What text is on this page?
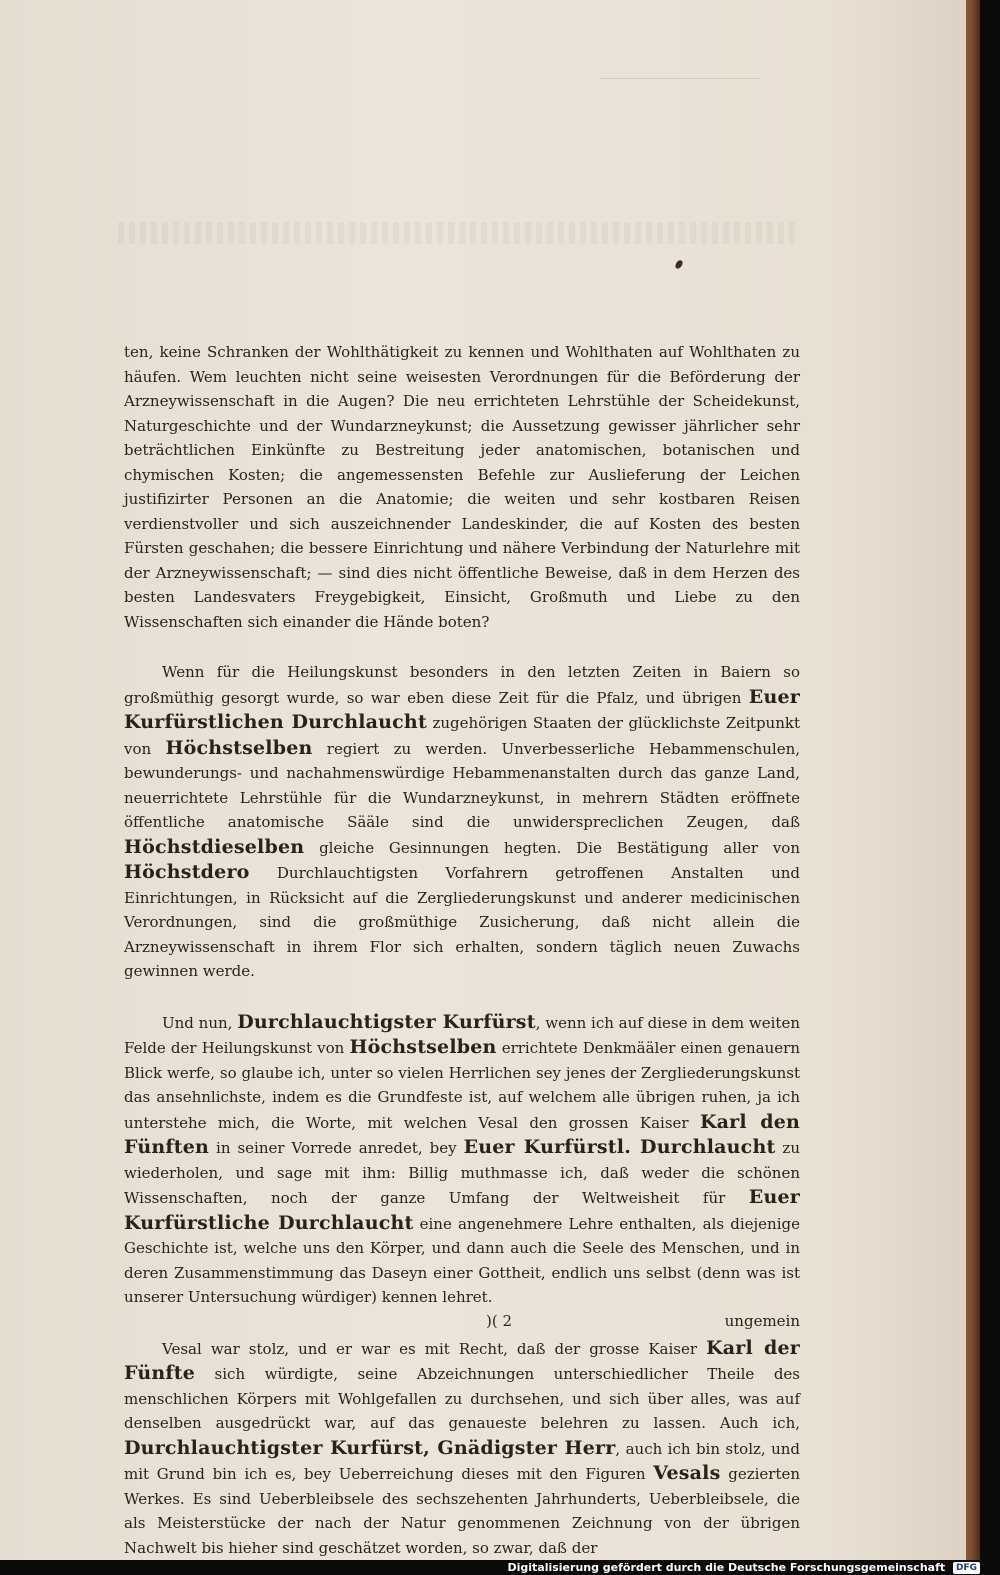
ten, keine Schranken der Wohlthätigkeit zu kennen und Wohlthaten auf Wohlthaten zu häufen. Wem leuchten nicht seine weisesten Verordnungen für die Beförderung der Arzneywissenschaft in die Augen? Die neu errichteten Lehrstühle der Scheidekunst, Naturgeschichte und der Wundarzneykunst; die Aussetzung gewisser jährlicher sehr beträchtlichen Einkünfte zu Bestreitung jeder anatomischen, botanischen und chymischen Kosten; die angemessensten Befehle zur Auslieferung der Leichen justifizirter Personen an die Anatomie; die weiten und sehr kostbaren Reisen verdienstvoller und sich auszeichnender Landeskinder, die auf Kosten des besten Fürsten geschahen; die bessere Einrichtung und nähere Verbindung der Naturlehre mit der Arzneywissenschaft; — sind dies nicht öffentliche Beweise, daß in dem Herzen des besten Landesvaters Freygebigkeit, Einsicht, Großmuth und Liebe zu den Wissenschaften sich einander die Hände boten?

Wenn für die Heilungskunst besonders in den letzten Zeiten in Baiern so großmüthig gesorgt wurde, so war eben diese Zeit für die Pfalz, und übrigen Euer Kurfürstlichen Durchlaucht zugehörigen Staaten der glücklichste Zeitpunkt von Höchstselben regiert zu werden. Unverbesserliche Hebammenschulen, bewunderungs- und nachahmenswürdige Hebammenanstalten durch das ganze Land, neuerrichtete Lehrstühle für die Wundarzneykunst, in mehrern Städten eröffnete öffentliche anatomische Sääle sind die unwiderspreclichen Zeugen, daß Höchstdieselben gleiche Gesinnungen hegten. Die Bestätigung aller von Höchstdero Durchlauchtigsten Vorfahrern getroffenen Anstalten und Einrichtungen, in Rücksicht auf die Zergliederungskunst und anderer medicinischen Verordnungen, sind die großmüthige Zusicherung, daß nicht allein die Arzneywissenschaft in ihrem Flor sich erhalten, sondern täglich neuen Zuwachs gewinnen werde.

Und nun, Durchlauchtigster Kurfürst, wenn ich auf diese in dem weiten Felde der Heilungskunst von Höchstselben errichtete Denkmääler einen genauern Blick werfe, so glaube ich, unter so vielen Herrlichen sey jenes der Zergliederungskunst das ansehnlichste, indem es die Grundfeste ist, auf welchem alle übrigen ruhen, ja ich unterstehe mich, die Worte, mit welchen Vesal den grossen Kaiser Karl den Fünften in seiner Vorrede anredet, bey Euer Kurfürstl. Durchlaucht zu wiederholen, und sage mit ihm: Billig muthmasse ich, daß weder die schönen Wissenschaften, noch der ganze Umfang der Weltweisheit für Euer Kurfürstliche Durchlaucht eine angenehmere Lehre enthalten, als diejenige Geschichte ist, welche uns den Körper, und dann auch die Seele des Menschen, und in deren Zusammenstimmung das Daseyn einer Gottheit, endlich uns selbst (denn was ist unserer Untersuchung würdiger) kennen lehret.

Vesal war stolz, und er war es mit Recht, daß der grosse Kaiser Karl der Fünfte sich würdigte, seine Abzeichnungen unterschiedlicher Theile des menschlichen Körpers mit Wohlgefallen zu durchsehen, und sich über alles, was auf denselben ausgedrückt war, auf das genaueste belehren zu lassen. Auch ich, Durchlauchtigster Kurfürst, Gnädigster Herr, auch ich bin stolz, und mit Grund bin ich es, bey Ueberreichung dieses mit den Figuren Vesals gezierten Werkes. Es sind Ueberbleibsele des sechszehenten Jahrhunderts, Ueberbleibsele, die als Meisterstücke der nach der Natur genommenen Zeichnung von der übrigen Nachwelt bis hieher sind geschätzet worden, so zwar, daß der

)( 2	ungemein
Digitalisierung gefördert durch die Deutsche Forschungsgemeinschaft DFG
